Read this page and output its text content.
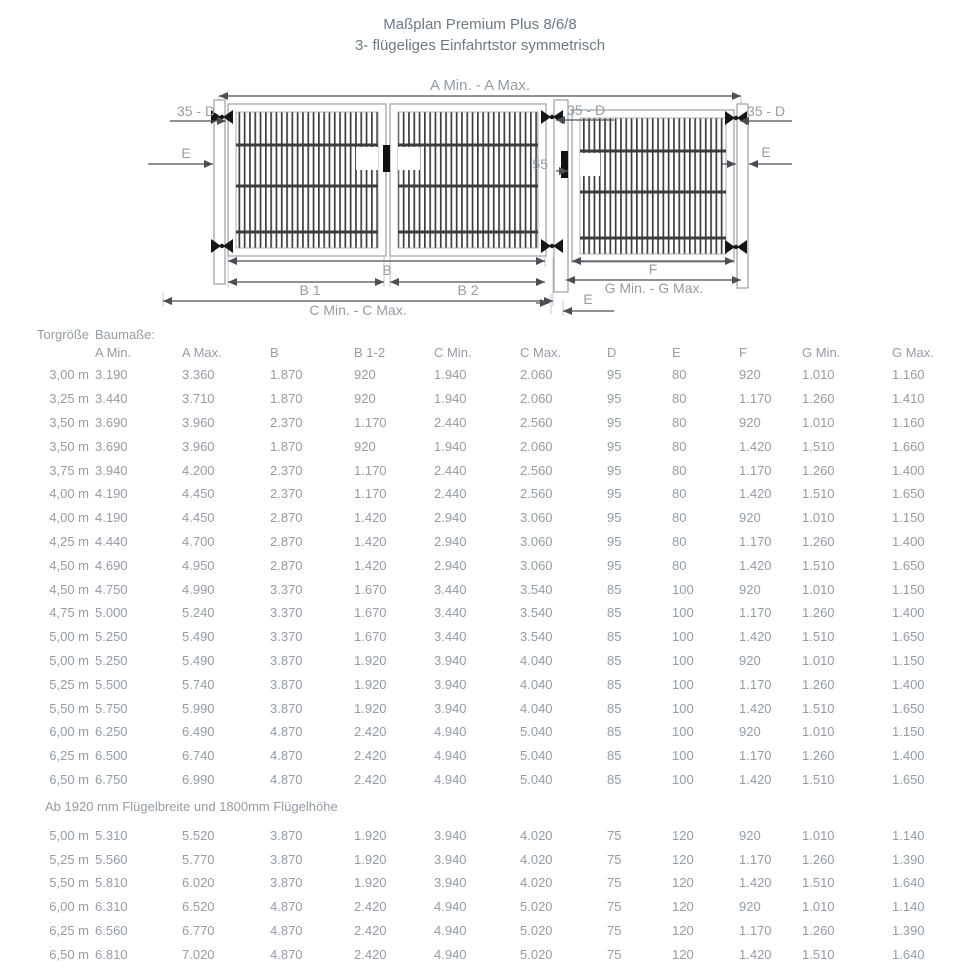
Maßplan Premium Plus 8/6/8
3- flügeliges Einfahrtstor symmetrisch
A Min. - A Max.
35 - D
E
35 - D	35 - D
E
55
B
B 1	B 2
C Min. - C Max.
F
G Min. - G Max.
E
Torgröße Baumaße:
A Min.	A Max.	B	B 1-2	C Min.	C Max.	D	E	F	G Min.	G Max.
3,00 m 3.190	3.360	1.870	920	1.940	2.060	95	80	920	1.010	1.160
3,25 m 3.440	3.710	1.870	920	1.940	2.060	95	80	1.170	1.260	1.410
3,50 m 3.690	3.960	2.370	1.170	2.440	2.560	95	80	920	1.010	1.160
3,50 m 3.690	3.960	1.870	920	1.940	2.060	95	80	1.420	1.510	1.660
3,75 m 3.940	4.200	2.370	1.170	2.440	2.560	95	80	1.170	1.260	1.400
4,00 m 4.190	4.450	2.370	1.170	2.440	2.560	95	80	1.420	1.510	1.650
4,00 m 4.190	4.450	2.870	1.420	2.940	3.060	95	80	920	1.010	1.150
4,25 m 4.440	4.700	2.870	1.420	2.940	3.060	95	80	1.170	1.260	1.400
4,50 m 4.690	4.950	2.870	1.420	2.940	3.060	95	80	1.420	1.510	1.650
4,50 m 4.750	4.990	3.370	1.670	3.440	3.540	85	100	920	1.010	1.150
4,75 m 5.000	5.240	3.370	1.670	3.440	3.540	85	100	1.170	1.260	1.400
5,00 m 5.250	5.490	3.370	1.670	3.440	3.540	85	100	1.420	1.510	1.650
5,00 m 5.250	5.490	3.870	1.920	3.940	4.040	85	100	920	1.010	1.150
5,25 m 5.500	5.740	3.870	1.920	3.940	4.040	85	100	1.170	1.260	1.400
5,50 m 5.750	5.990	3.870	1.920	3.940	4.040	85	100	1.420	1.510	1.650
6,00 m 6.250	6.490	4.870	2.420	4.940	5.040	85	100	920	1.010	1.150
6,25 m 6.500	6.740	4.870	2.420	4.940	5.040	85	100	1.170	1.260	1.400
6,50 m 6.750	6.990	4.870	2.420	4.940	5.040	85	100	1.420	1.510	1.650
Ab 1920 mm Flügelbreite und 1800mm Flügelhöhe
5,00 m 5.310	5.520	3.870	1.920	3.940	4.020	75	120	920	1.010	1.140
5,25 m 5.560	5.770	3.870	1.920	3.940	4.020	75	120	1.170	1.260	1.390
5,50 m 5.810	6.020	3.870	1.920	3.940	4.020	75	120	1.420	1.510	1.640
6,00 m 6.310	6.520	4.870	2.420	4.940	5.020	75	120	920	1.010	1.140
6,25 m 6.560	6.770	4.870	2.420	4.940	5.020	75	120	1.170	1.260	1.390
6,50 m 6.810	7.020	4.870	2.420	4.940	5.020	75	120	1.420	1.510	1.640
